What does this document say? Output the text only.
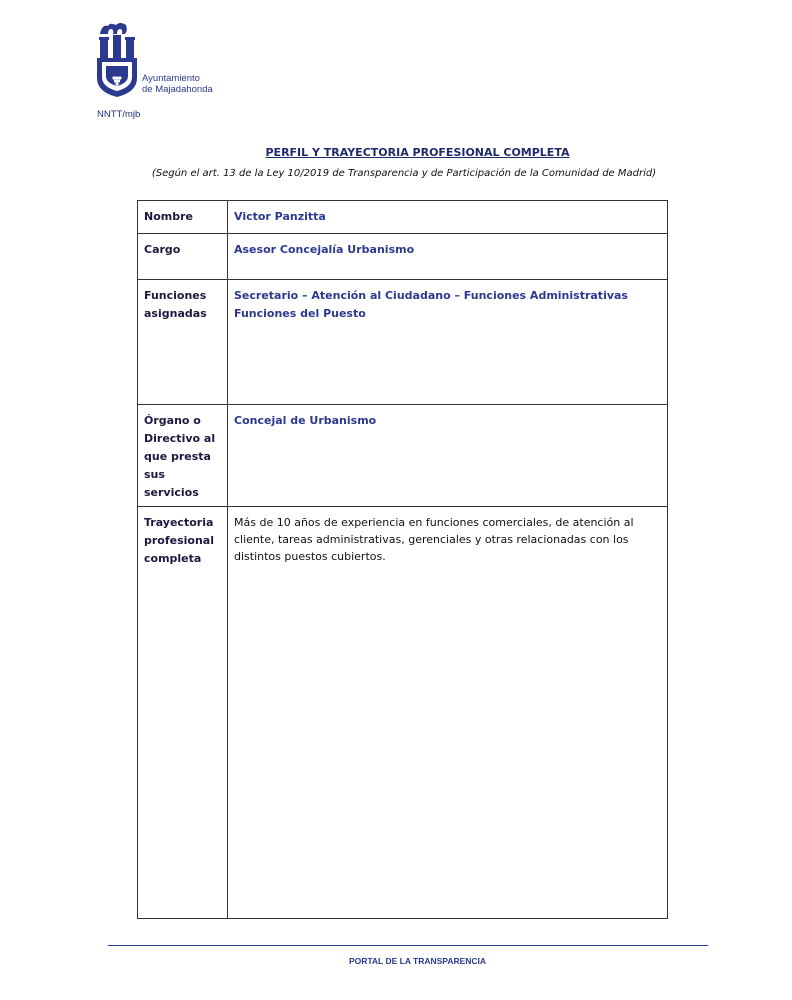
Ayuntamiento
de Majadahonda
NNTT/mjb
PERFIL Y TRAYECTORIA PROFESIONAL COMPLETA
(Según el art. 13 de la Ley 10/2019 de Transparencia y de Participación de la Comunidad de Madrid)
Nombre	Victor Panzitta
Cargo	Asesor Concejalía Urbanismo
Funciones asignadas	Secretario – Atención al Ciudadano – Funciones Administrativas
Funciones del Puesto

Órgano o Directivo al que presta sus servicios	Concejal de Urbanismo
Trayectoria profesional completa	Más de 10 años de experiencia en funciones comerciales, de atención al cliente, tareas administrativas, gerenciales y otras relacionadas con los distintos puestos cubiertos.
PORTAL DE LA TRANSPARENCIA
